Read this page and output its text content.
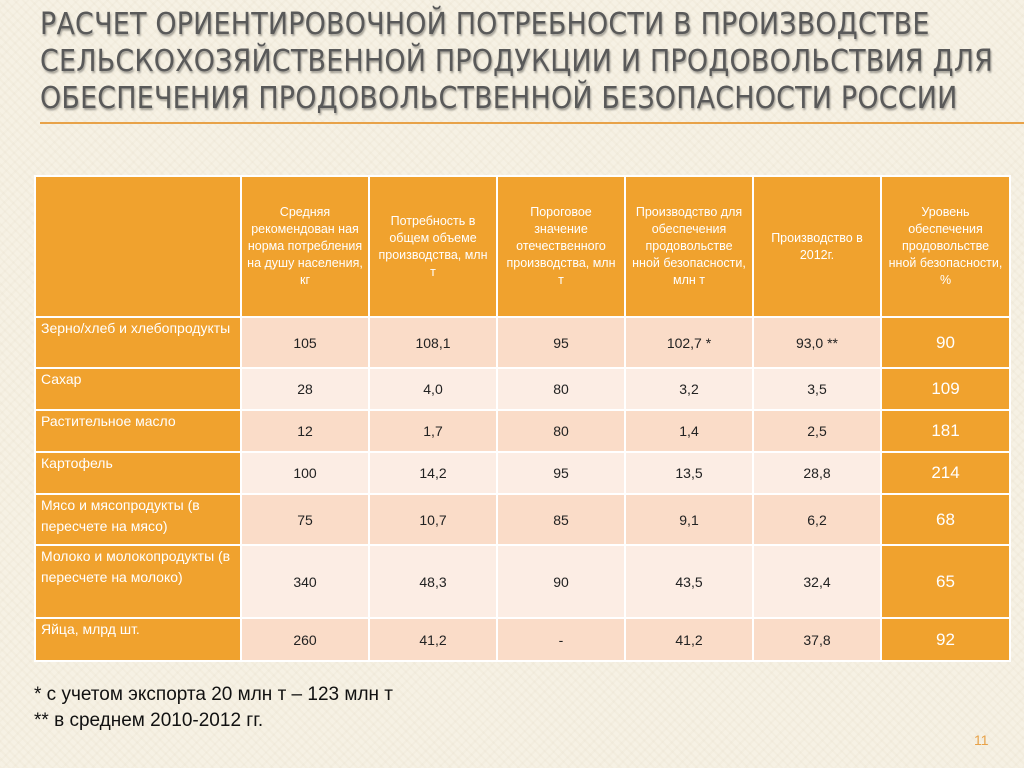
РАСЧЕТ ОРИЕНТИРОВОЧНОЙ ПОТРЕБНОСТИ В ПРОИЗВОДСТВЕ
СЕЛЬСКОХОЗЯЙСТВЕННОЙ ПРОДУКЦИИ И ПРОДОВОЛЬСТВИЯ ДЛЯ
ОБЕСПЕЧЕНИЯ ПРОДОВОЛЬСТВЕННОЙ БЕЗОПАСНОСТИ РОССИИ
	Средняя рекомендован ная норма потребления на душу населения, кг	Потребность в общем объеме производства, млн т	Пороговое значение отечественного производства, млн т	Производство для обеспечения продовольстве нной безопасности, млн т	Производство в 2012г.	Уровень обеспечения продовольстве нной безопасности, %
Зерно/хлеб и хлебопродукты	105	108,1	95	102,7 *	93,0 **	90
Сахар	28	4,0	80	3,2	3,5	109
Растительное масло	12	1,7	80	1,4	2,5	181
Картофель	100	14,2	95	13,5	28,8	214
Мясо и мясопродукты (в пересчете на мясо)	75	10,7	85	9,1	6,2	68
Молоко и молокопродукты (в пересчете на молоко)	340	48,3	90	43,5	32,4	65
Яйца, млрд шт.	260	41,2	-	41,2	37,8	92
* с учетом экспорта 20 млн т – 123 млн т
** в среднем 2010-2012 гг.
11
